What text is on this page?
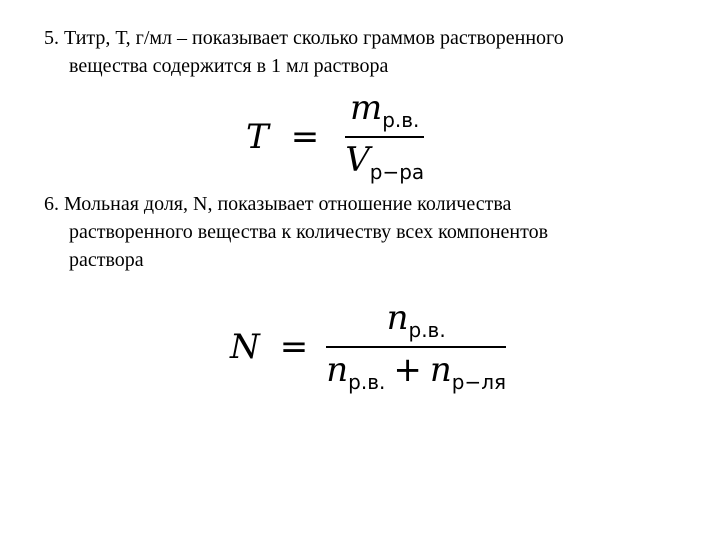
5. Титр, Т, г/мл – показывает сколько граммов растворенного
вещества содержится в 1 мл раствора
$T = \frac{mр.в.}{Vр-ра}$
6. Мольная доля, N, показывает отношение количества
растворенного вещества к количеству всех компонентов
раствора
$N = \frac{nр.в.}{nр.в. + nр-ля}$
